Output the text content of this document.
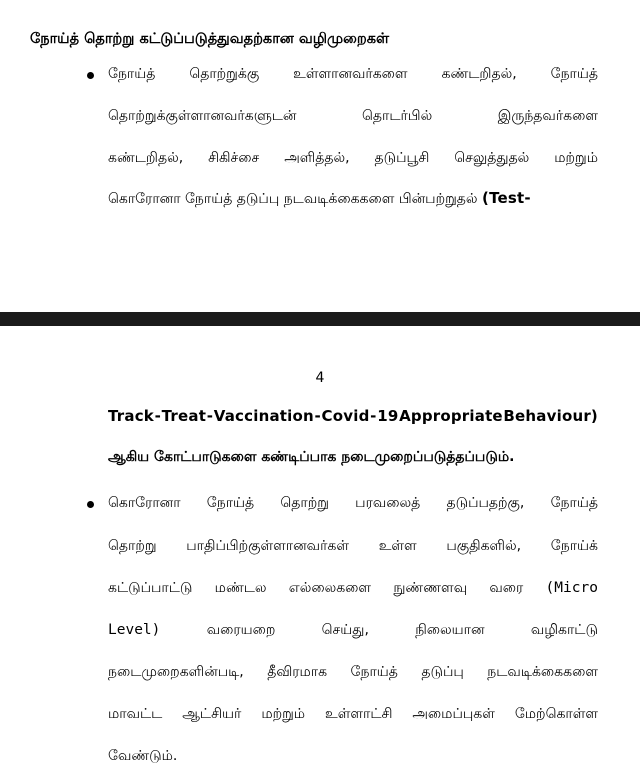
நோய்த் தொற்று கட்டுப்படுத்துவதற்கான வழிமுறைகள்
நோய்த் தொற்றுக்கு உள்ளானவர்களை கண்டறிதல், நோய்த்
தொற்றுக்குள்ளானவர்களுடன்	தொடர்பில்	இருந்தவர்களை
கண்டறிதல், சிகிச்சை அளித்தல், தடுப்பூசி செலுத்துதல் மற்றும்
கொரோனா நோய்த் தடுப்பு நடவடிக்கைகளை பின்பற்றுதல் (Test-
4
Track - Treat - Vaccination - Covid - 19 Appropriate Behaviour)
ஆகிய கோட்பாடுகளை கண்டிப்பாக நடைமுறைப்படுத்தப்படும்.
கொரோனா நோய்த் தொற்று பரவலைத் தடுப்பதற்கு, நோய்த்
தொற்று பாதிப்பிற்குள்ளானவர்கள் உள்ள பகுதிகளில், நோய்க்
கட்டுப்பாட்டு மண்டல எல்லைகளை நுண்ணளவு வரை (Micro
Level)	வரையறை	செய்து,	நிலையான	வழிகாட்டு
நடைமுறைகளின்படி, தீவிரமாக நோய்த் தடுப்பு நடவடிக்கைகளை
மாவட்ட ஆட்சியர் மற்றும் உள்ளாட்சி அமைப்புகள் மேற்கொள்ள
வேண்டும்.
